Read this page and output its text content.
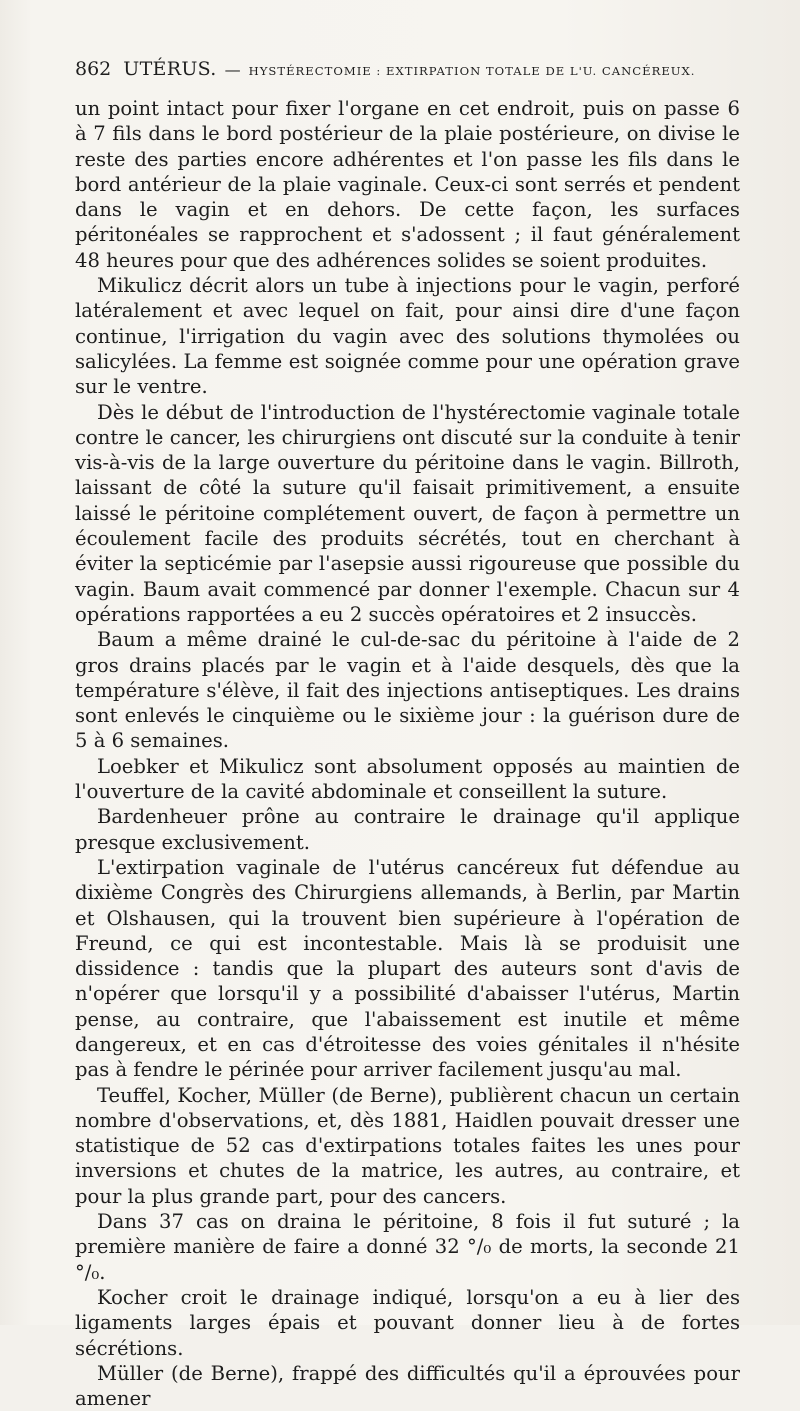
862 UTÉRUS. — HYSTÉRECTOMIE : EXTIRPATION TOTALE DE L'U. CANCÉREUX.

un point intact pour fixer l'organe en cet endroit, puis on passe 6 à 7 fils dans le bord postérieur de la plaie postérieure, on divise le reste des parties encore adhérentes et l'on passe les fils dans le bord antérieur de la plaie vaginale. Ceux-ci sont serrés et pendent dans le vagin et en dehors. De cette façon, les surfaces péritonéales se rapprochent et s'adossent ; il faut généralement 48 heures pour que des adhérences solides se soient produites.

Mikulicz décrit alors un tube à injections pour le vagin, perforé latéralement et avec lequel on fait, pour ainsi dire d'une façon continue, l'irrigation du vagin avec des solutions thymolées ou salicylées. La femme est soignée comme pour une opération grave sur le ventre.

Dès le début de l'introduction de l'hystérectomie vaginale totale contre le cancer, les chirurgiens ont discuté sur la conduite à tenir vis-à-vis de la large ouverture du péritoine dans le vagin. Billroth, laissant de côté la suture qu'il faisait primitivement, a ensuite laissé le péritoine complétement ouvert, de façon à permettre un écoulement facile des produits sécrétés, tout en cherchant à éviter la septicémie par l'asepsie aussi rigoureuse que possible du vagin. Baum avait commencé par donner l'exemple. Chacun sur 4 opérations rapportées a eu 2 succès opératoires et 2 insuccès.

Baum a même drainé le cul-de-sac du péritoine à l'aide de 2 gros drains placés par le vagin et à l'aide desquels, dès que la température s'élève, il fait des injections antiseptiques. Les drains sont enlevés le cinquième ou le sixième jour : la guérison dure de 5 à 6 semaines.

Loebker et Mikulicz sont absolument opposés au maintien de l'ouverture de la cavité abdominale et conseillent la suture.

Bardenheuer prône au contraire le drainage qu'il applique presque exclusivement.

L'extirpation vaginale de l'utérus cancéreux fut défendue au dixième Congrès des Chirurgiens allemands, à Berlin, par Martin et Olshausen, qui la trouvent bien supérieure à l'opération de Freund, ce qui est incontestable. Mais là se produisit une dissidence : tandis que la plupart des auteurs sont d'avis de n'opérer que lorsqu'il y a possibilité d'abaisser l'utérus, Martin pense, au contraire, que l'abaissement est inutile et même dangereux, et en cas d'étroitesse des voies génitales il n'hésite pas à fendre le périnée pour arriver facilement jusqu'au mal.

Teuffel, Kocher, Müller (de Berne), publièrent chacun un certain nombre d'observations, et, dès 1881, Haidlen pouvait dresser une statistique de 52 cas d'extirpations totales faites les unes pour inversions et chutes de la matrice, les autres, au contraire, et pour la plus grande part, pour des cancers.

Dans 37 cas on draina le péritoine, 8 fois il fut suturé ; la première manière de faire a donné 32 °/₀ de morts, la seconde 21 °/₀.

Kocher croit le drainage indiqué, lorsqu'on a eu à lier des ligaments larges épais et pouvant donner lieu à de fortes sécrétions.

Müller (de Berne), frappé des difficultés qu'il a éprouvées pour amener
